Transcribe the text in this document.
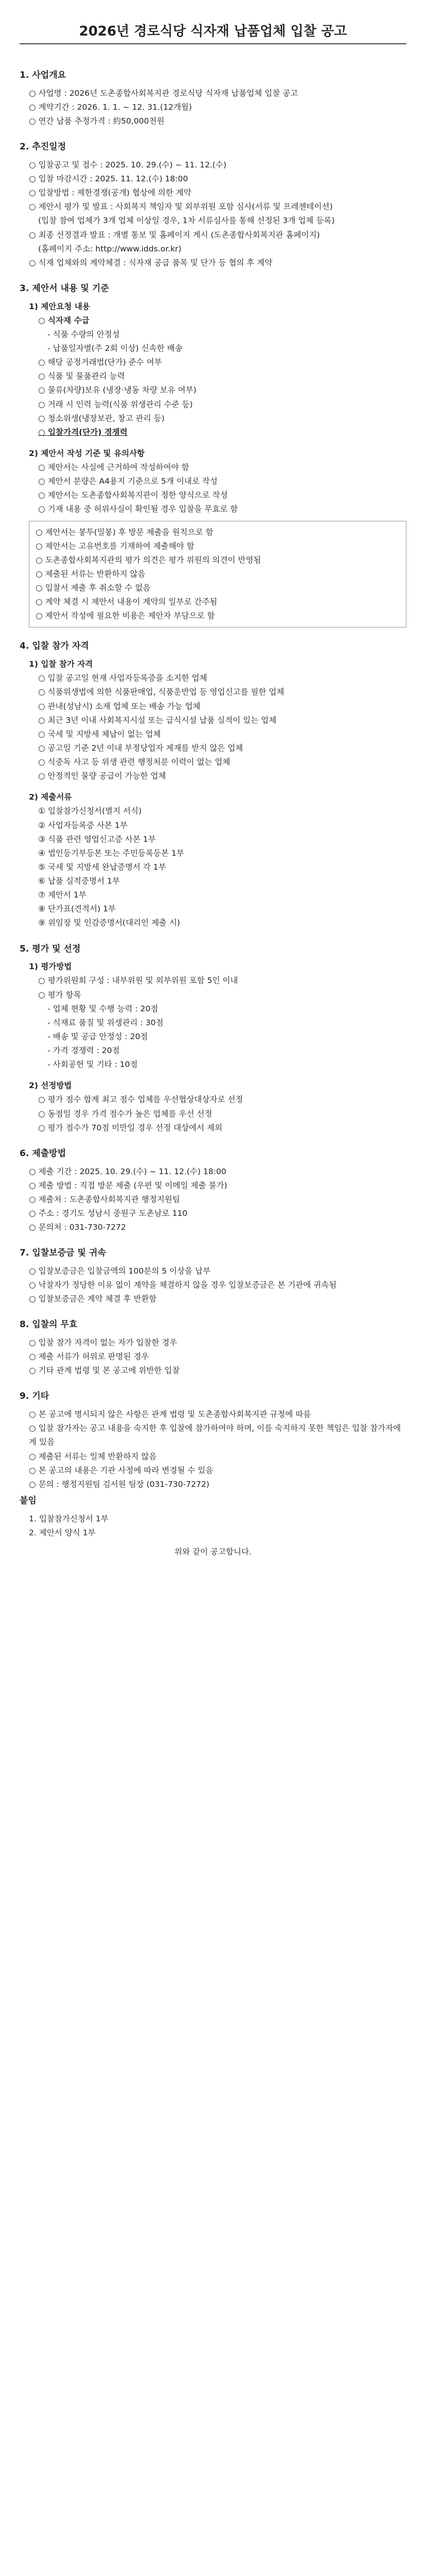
2026년 경로식당 식자재 납품업체 입찰 공고
1. 사업개요
○ 사업명 : 2026년 도촌종합사회복지관 경로식당 식자재 납품업체 입찰 공고
○ 계약기간 : 2026. 1. 1. ~ 12. 31.(12개월)
○ 연간 납품 추정가격 : 約50,000천원
2. 추진일정
○ 입찰공고 및 접수 : 2025. 10. 29.(수) ~ 11. 12.(수)
○ 입찰 마감시간 : 2025. 11. 12.(수) 18:00
○ 입찰방법 : 제한경쟁(공개) 협상에 의한 계약
○ 제안서 평가 및 발표 : 사회복지 책임자 및 외부위원 포함 심사(서류 및 프레젠테이션)
(입찰 참여 업체가 3개 업체 이상일 경우, 1차 서류심사를 통해 선정된 3개 업체 등록)
○ 최종 선정결과 발표 : 개별 통보 및 홈페이지 게시 (도촌종합사회복지관 홈페이지)
(홈페이지 주소: http://www.idds.or.kr)
○ 식재 업체와의 계약체결 : 식자재 공급 품목 및 단가 등 협의 후 계약
3. 제안서 내용 및 기준
1) 제안요청 내용
○ 식자재 수급
- 식품 수량의 안정성
- 납품일자별(주 2회 이상) 신속한 배송
○ 해당 공정거래법(단가) 준수 여부
○ 식품 및 물품관리 능력
○ 물류(차량)보유 (냉장·냉동 차량 보유 여부)
○ 거래 시 인력 능력(식품 위생관리 수준 등)
○ 청소위생(냉장보관, 창고 관리 등)
○ 입찰가격(단가) 경쟁력
2) 제안서 작성 기준 및 유의사항
○ 제안서는 사실에 근거하여 작성하여야 함
○ 제안서 분량은 A4용지 기준으로 5개 이내로 작성
○ 제안서는 도촌종합사회복지관이 정한 양식으로 작성
○ 기재 내용 중 허위사실이 확인될 경우 입찰을 무효로 함
○ 제안서는 봉투(밀봉) 후 방문 제출을 원칙으로 함
○ 제안서는 고유번호를 기재하여 제출해야 함
○ 도촌종합사회복지관의 평가 의견은 평가 위원의 의견이 반영됨
○ 제출된 서류는 반환하지 않음
○ 입찰서 제출 후 취소할 수 없음
○ 계약 체결 시 제안서 내용이 계약의 일부로 간주됨
○ 제안서 작성에 필요한 비용은 제안자 부담으로 함
4. 입찰 참가 자격
1) 입찰 참가 자격
○ 입찰 공고일 현재 사업자등록증을 소지한 업체
○ 식품위생법에 의한 식품판매업, 식품운반업 등 영업신고를 필한 업체
○ 관내(성남시) 소재 업체 또는 배송 가능 업체
○ 최근 3년 이내 사회복지시설 또는 급식시설 납품 실적이 있는 업체
○ 국세 및 지방세 체납이 없는 업체
○ 공고일 기준 2년 이내 부정당업자 제재를 받지 않은 업체
○ 식중독 사고 등 위생 관련 행정처분 이력이 없는 업체
○ 안정적인 물량 공급이 가능한 업체
2) 제출서류
① 입찰참가신청서(별지 서식)
② 사업자등록증 사본 1부
③ 식품 관련 영업신고증 사본 1부
④ 법인등기부등본 또는 주민등록등본 1부
⑤ 국세 및 지방세 완납증명서 각 1부
⑥ 납품 실적증명서 1부
⑦ 제안서 1부
⑧ 단가표(견적서) 1부
⑨ 위임장 및 인감증명서(대리인 제출 시)
5. 평가 및 선정
1) 평가방법
○ 평가위원회 구성 : 내부위원 및 외부위원 포함 5인 이내
○ 평가 항목
- 업체 현황 및 수행 능력 : 20점
- 식재료 품질 및 위생관리 : 30점
- 배송 및 공급 안정성 : 20점
- 가격 경쟁력 : 20점
- 사회공헌 및 기타 : 10점
2) 선정방법
○ 평가 점수 합계 최고 점수 업체를 우선협상대상자로 선정
○ 동점일 경우 가격 점수가 높은 업체를 우선 선정
○ 평가 점수가 70점 미만일 경우 선정 대상에서 제외
6. 제출방법
○ 제출 기간 : 2025. 10. 29.(수) ~ 11. 12.(수) 18:00
○ 제출 방법 : 직접 방문 제출 (우편 및 이메일 제출 불가)
○ 제출처 : 도촌종합사회복지관 행정지원팀
○ 주소 : 경기도 성남시 중원구 도촌남로 110
○ 문의처 : 031-730-7272
7. 입찰보증금 및 귀속
○ 입찰보증금은 입찰금액의 100분의 5 이상을 납부
○ 낙찰자가 정당한 이유 없이 계약을 체결하지 않을 경우 입찰보증금은 본 기관에 귀속됨
○ 입찰보증금은 계약 체결 후 반환함
8. 입찰의 무효
○ 입찰 참가 자격이 없는 자가 입찰한 경우
○ 제출 서류가 허위로 판명된 경우
○ 기타 관계 법령 및 본 공고에 위반한 입찰
9. 기타
○ 본 공고에 명시되지 않은 사항은 관계 법령 및 도촌종합사회복지관 규정에 따름
○ 입찰 참가자는 공고 내용을 숙지한 후 입찰에 참가하여야 하며, 이를 숙지하지 못한 책임은 입찰 참가자에게 있음
○ 제출된 서류는 일체 반환하지 않음
○ 본 공고의 내용은 기관 사정에 따라 변경될 수 있음
○ 문의 : 행정지원팀 김서원 팀장 (031-730-7272)
붙임
1. 입찰참가신청서 1부
2. 제안서 양식 1부
위와 같이 공고합니다.
